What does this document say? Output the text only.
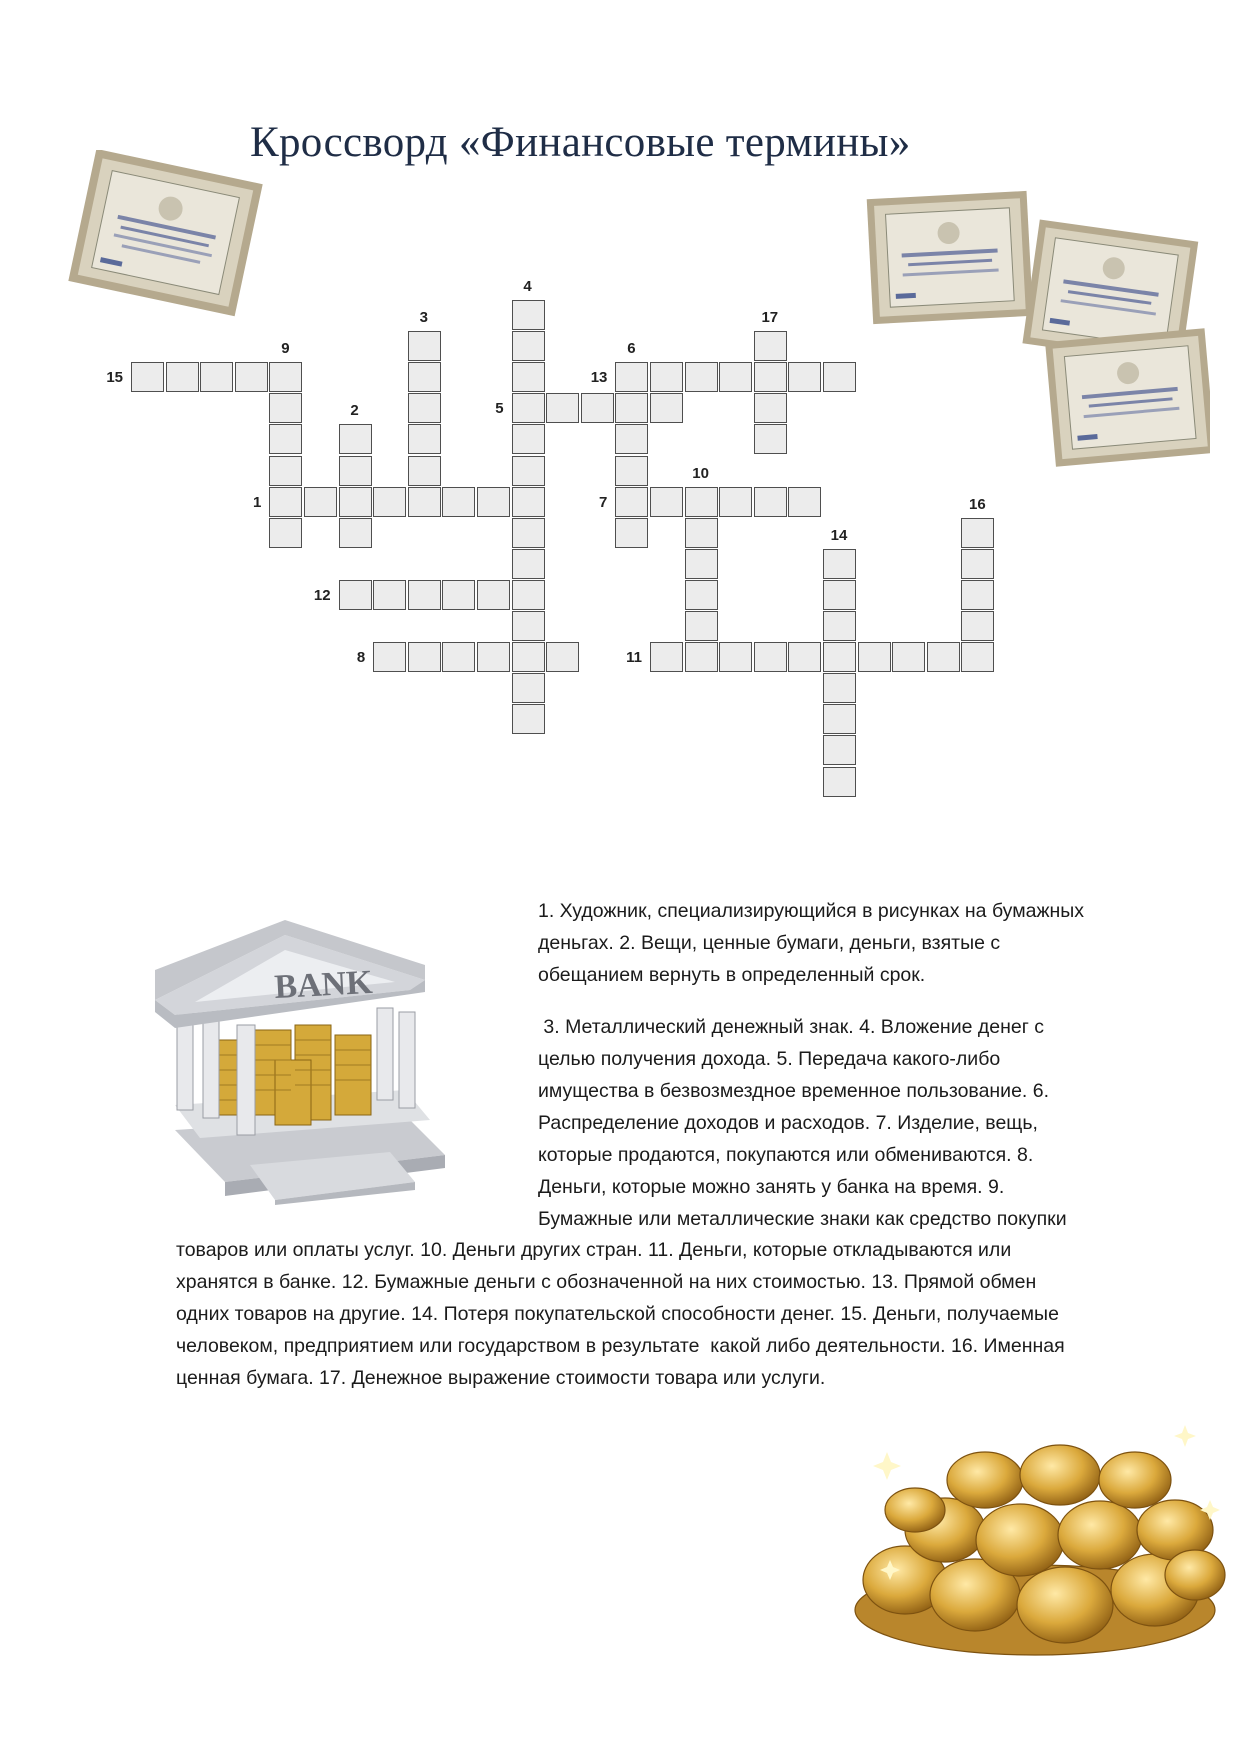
Кроссворд «Финансовые термины»
15
9
3
2
1
4
5
6
13
17
7
10
12
8	11
14
16
BANK
1. Художник, специализирующийся в рисунках на бумажных
деньгах. 2. Вещи, ценные бумаги, деньги, взятые с
обещанием вернуть в определенный срок.
3. Металлический денежный знак. 4. Вложение денег с
целью получения дохода. 5. Передача какого-либо
имущества в безвозмездное временное пользование. 6.
Распределение доходов и расходов. 7. Изделие, вещь,
которые продаются, покупаются или обмениваются. 8.
Деньги, которые можно занять у банка на время. 9.
Бумажные или металлические знаки как средство покупки
товаров или оплаты услуг. 10. Деньги других стран. 11. Деньги, которые откладываются или
хранятся в банке. 12. Бумажные деньги с обозначенной на них стоимостью. 13. Прямой обмен
одних товаров на другие. 14. Потеря покупательской способности денег. 15. Деньги, получаемые
человеком, предприятием или государством в результате  какой либо деятельности. 16. Именная
ценная бумага. 17. Денежное выражение стоимости товара или услуги.
